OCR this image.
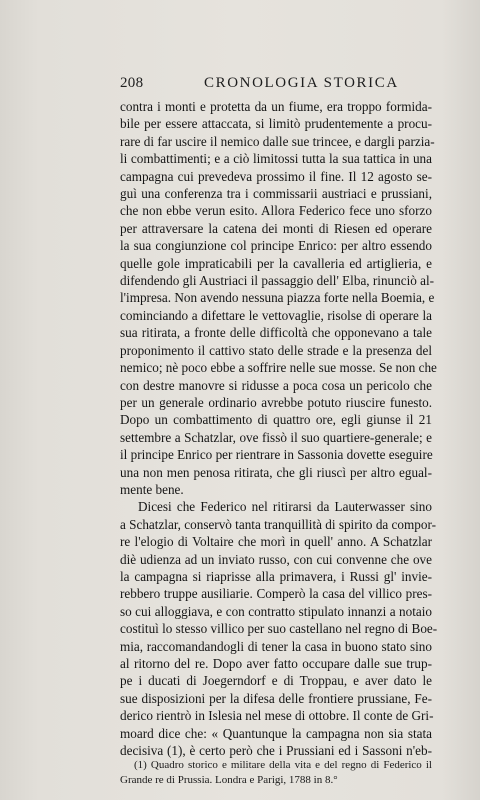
208	CRONOLOGIA STORICA
contra i monti e protetta da un fiume, era troppo formida-
bile per essere attaccata, si limitò prudentemente a procu-
rare di far uscire il nemico dalle sue trincee, e dargli parzia-
li combattimenti; e a ciò limitossi tutta la sua tattica in una
campagna cui prevedeva prossimo il fine. Il 12 agosto se-
guì una conferenza tra i commissarii austriaci e prussiani,
che non ebbe verun esito. Allora Federico fece uno sforzo
per attraversare la catena dei monti di Riesen ed operare
la sua congiunzione col principe Enrico: per altro essendo
quelle gole impraticabili per la cavalleria ed artiglieria, e
difendendo gli Austriaci il passaggio dell' Elba, rinunciò al-
l'impresa. Non avendo nessuna piazza forte nella Boemia, e
cominciando a difettare le vettovaglie, risolse di operare la
sua ritirata, a fronte delle difficoltà che opponevano a tale
proponimento il cattivo stato delle strade e la presenza del
nemico; nè poco ebbe a soffrire nelle sue mosse. Se non che
con destre manovre si ridusse a poca cosa un pericolo che
per un generale ordinario avrebbe potuto riuscire funesto.
Dopo un combattimento di quattro ore, egli giunse il 21
settembre a Schatzlar, ove fissò il suo quartiere-generale; e
il principe Enrico per rientrare in Sassonia dovette eseguire
una non men penosa ritirata, che gli riuscì per altro egual-
mente bene.
Dicesi che Federico nel ritirarsi da Lauterwasser sino
a Schatzlar, conservò tanta tranquillità di spirito da compor-
re l'elogio di Voltaire che morì in quell' anno. A Schatzlar
diè udienza ad un inviato russo, con cui convenne che ove
la campagna si riaprisse alla primavera, i Russi gl' invie-
rebbero truppe ausiliarie. Comperò la casa del villico pres-
so cui alloggiava, e con contratto stipulato innanzi a notaio
costituì lo stesso villico per suo castellano nel regno di Boe-
mia, raccomandandogli di tener la casa in buono stato sino
al ritorno del re. Dopo aver fatto occupare dalle sue trup-
pe i ducati di Joegerndorf e di Troppau, e aver dato le
sue disposizioni per la difesa delle frontiere prussiane, Fe-
derico rientrò in Islesia nel mese di ottobre. Il conte de Gri-
moard dice che: « Quantunque la campagna non sia stata
decisiva (1), è certo però che i Prussiani ed i Sassoni n'eb-
(1) Quadro storico e militare della vita e del regno di Federico il
Grande re di Prussia. Londra e Parigi, 1788 in 8.°
